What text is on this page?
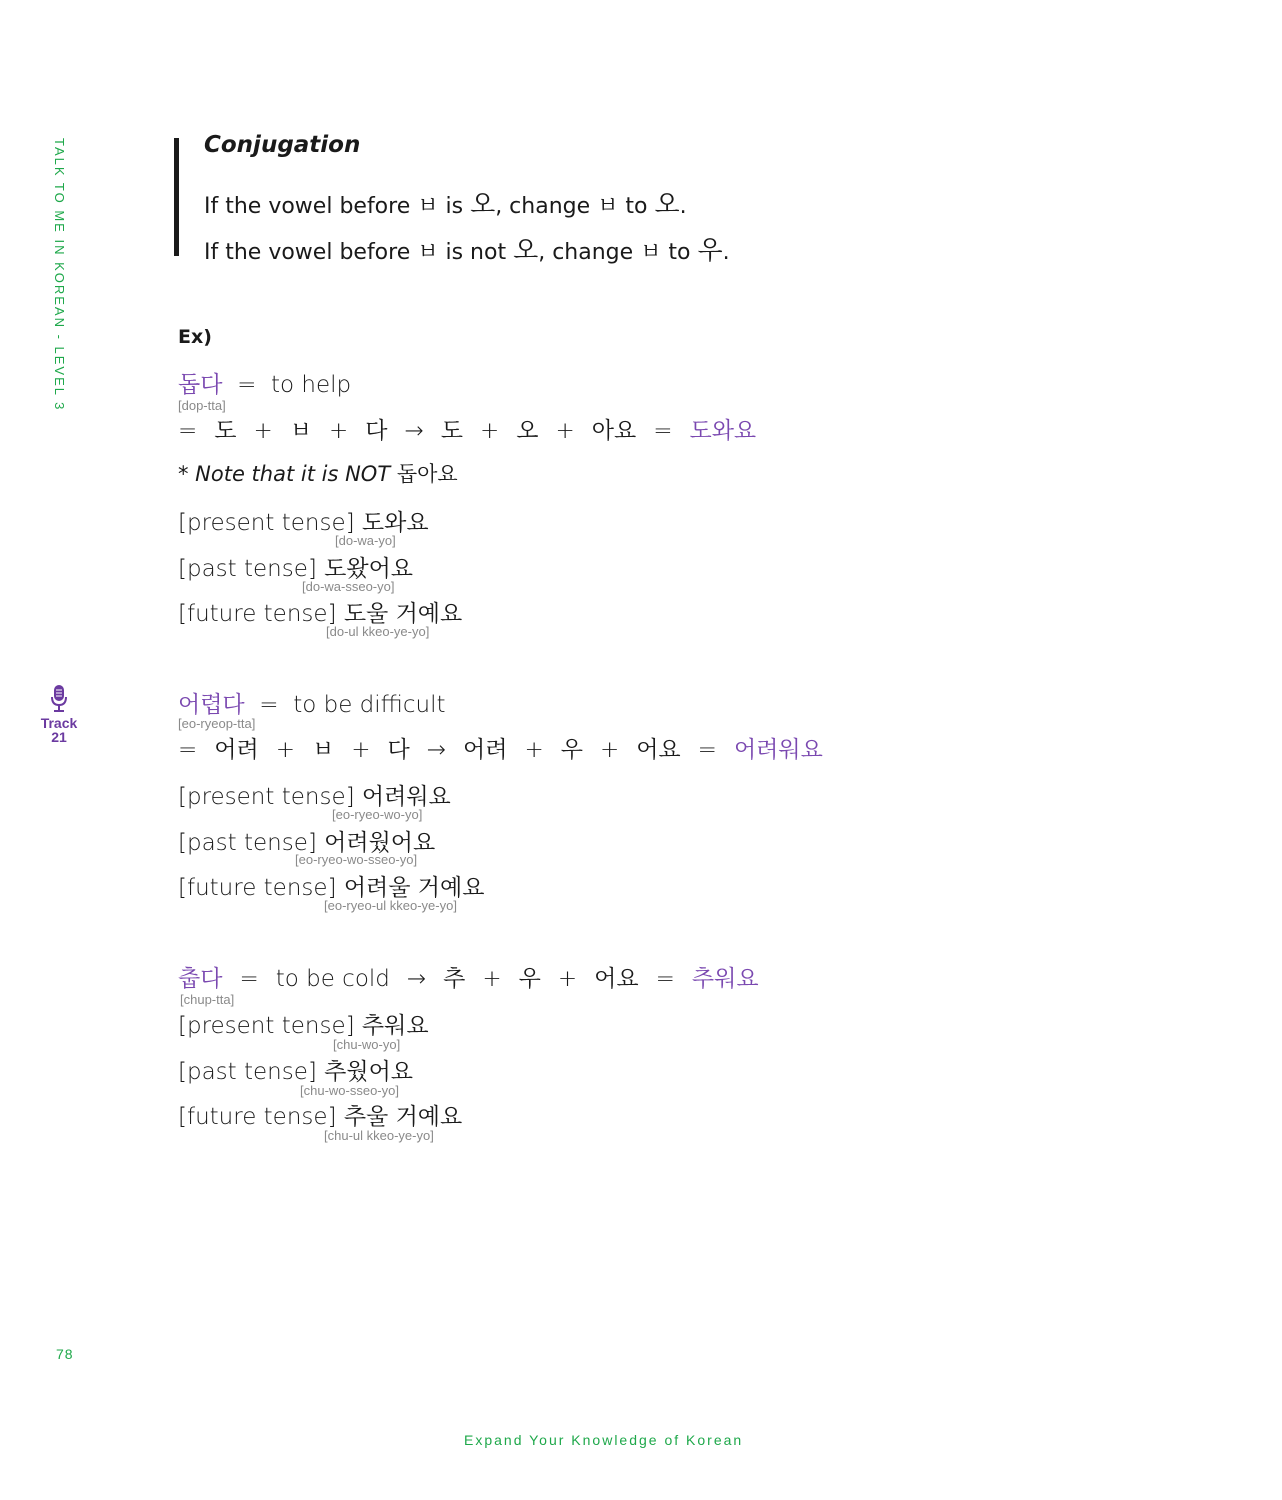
TALK TO ME IN KOREAN - LEVEL 3
Track
21
Conjugation
If the vowel before ㅂ is 오, change ㅂ to 오.
If the vowel before ㅂ is not 오, change ㅂ to 우.
Ex)
돕다 = to help
[dop-tta]
= 도 + ㅂ + 다 → 도 + 오 + 아요 = 도와요
* Note that it is NOT 돕아요
[present tense] 도와요
[do-wa-yo]
[past tense] 도왔어요
[do-wa-sseo-yo]
[future tense] 도울 거예요
[do-ul kkeo-ye-yo]
어렵다 = to be difficult
[eo-ryeop-tta]
= 어려 + ㅂ + 다 → 어려 + 우 + 어요 = 어려워요
[present tense] 어려워요
[eo-ryeo-wo-yo]
[past tense] 어려웠어요
[eo-ryeo-wo-sseo-yo]
[future tense] 어려울 거예요
[eo-ryeo-ul kkeo-ye-yo]
춥다 = to be cold → 추 + 우 + 어요 = 추워요
[chup-tta]
[present tense] 추워요
[chu-wo-yo]
[past tense] 추웠어요
[chu-wo-sseo-yo]
[future tense] 추울 거예요
[chu-ul kkeo-ye-yo]
78
Expand Your Knowledge of Korean
